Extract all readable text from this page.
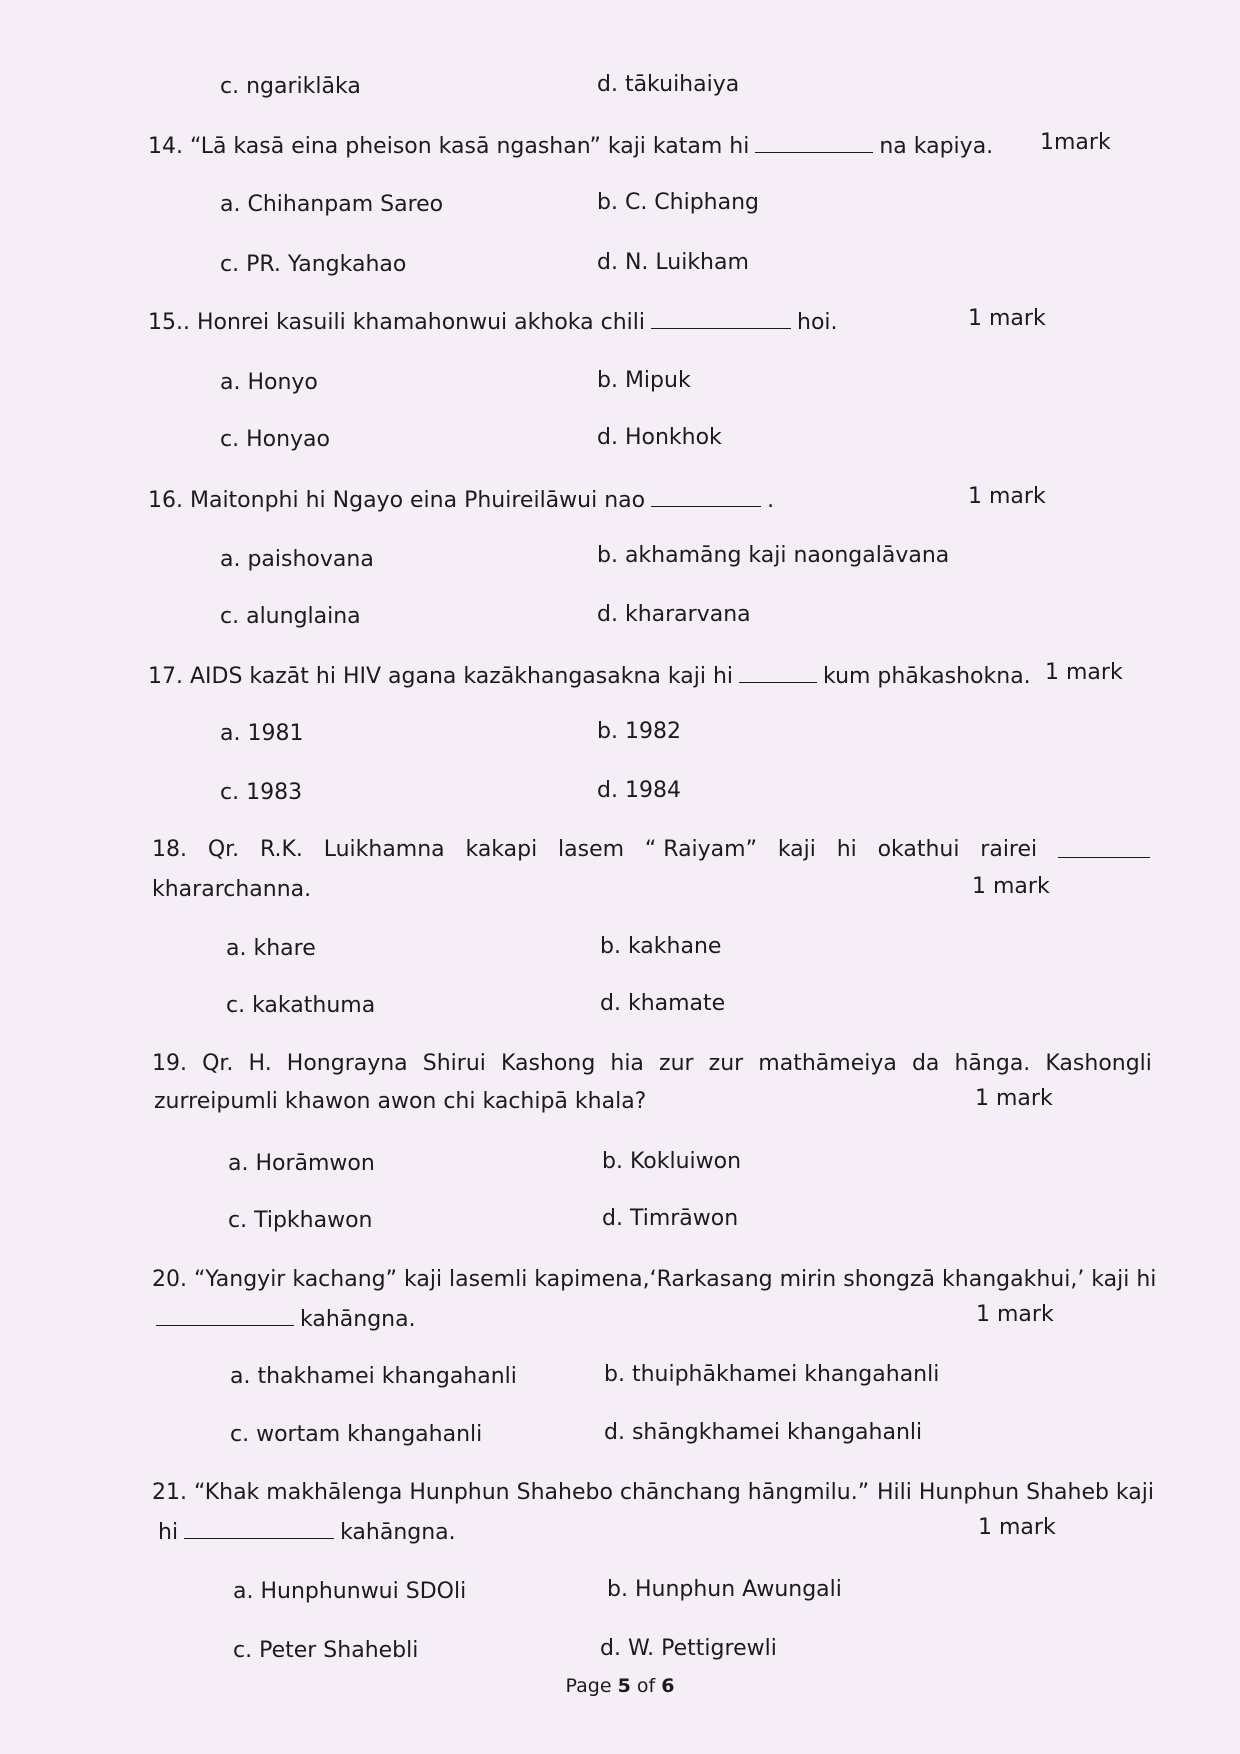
c. ngariklāka	d. tākuihaiya
14. “Lā kasā eina pheison kasā ngashan” kaji katam hi	na kapiya. 1mark
a. Chihanpam Sareo	b. C. Chiphang
c. PR. Yangkahao	d. N. Luikham
15.. Honrei kasuili khamahonwui akhoka chili	hoi.	1 mark
a. Honyo	b. Mipuk
c. Honyao	d. Honkhok
16. Maitonphi hi Ngayo eina Phuireilāwui nao	.	1 mark
a. paishovana	b. akhamāng kaji naongalāvana
c. alunglaina	d. khararvana
17. AIDS kazāt hi HIV agana kazākhangasakna kaji hi	kum phākashokna. 1 mark
a. 1981	b. 1982
c. 1983	d. 1984
18. Qr. R.K. Luikhamna kakapi lasem “ Raiyam” kaji hi okathui rairei
khararchanna.	1 mark
a. khare	b. kakhane
c. kakathuma	d. khamate
19. Qr. H. Hongrayna Shirui Kashong hia zur zur mathāmeiya da hānga. Kashongli
zurreipumli khawon awon chi kachipā khala?	1 mark
a. Horāmwon	b. Kokluiwon
c. Tipkhawon	d. Timrāwon
20. “Yangyir kachang” kaji lasemli kapimena, ‘Rarkasang mirin shongzā khangakhui,’ kaji hi
kahāngna.	1 mark
a. thakhamei khangahanli	b. thuiphākhamei khangahanli
c. wortam khangahanli	d. shāngkhamei khangahanli
21. “Khak makhālenga Hunphun Shahebo chānchang hāngmilu.” Hili Hunphun Shaheb kaji
hi	kahāngna.	1 mark
a. Hunphunwui SDOli	b. Hunphun Awungali
c. Peter Shahebli	d. W. Pettigrewli
Page 5 of 6
